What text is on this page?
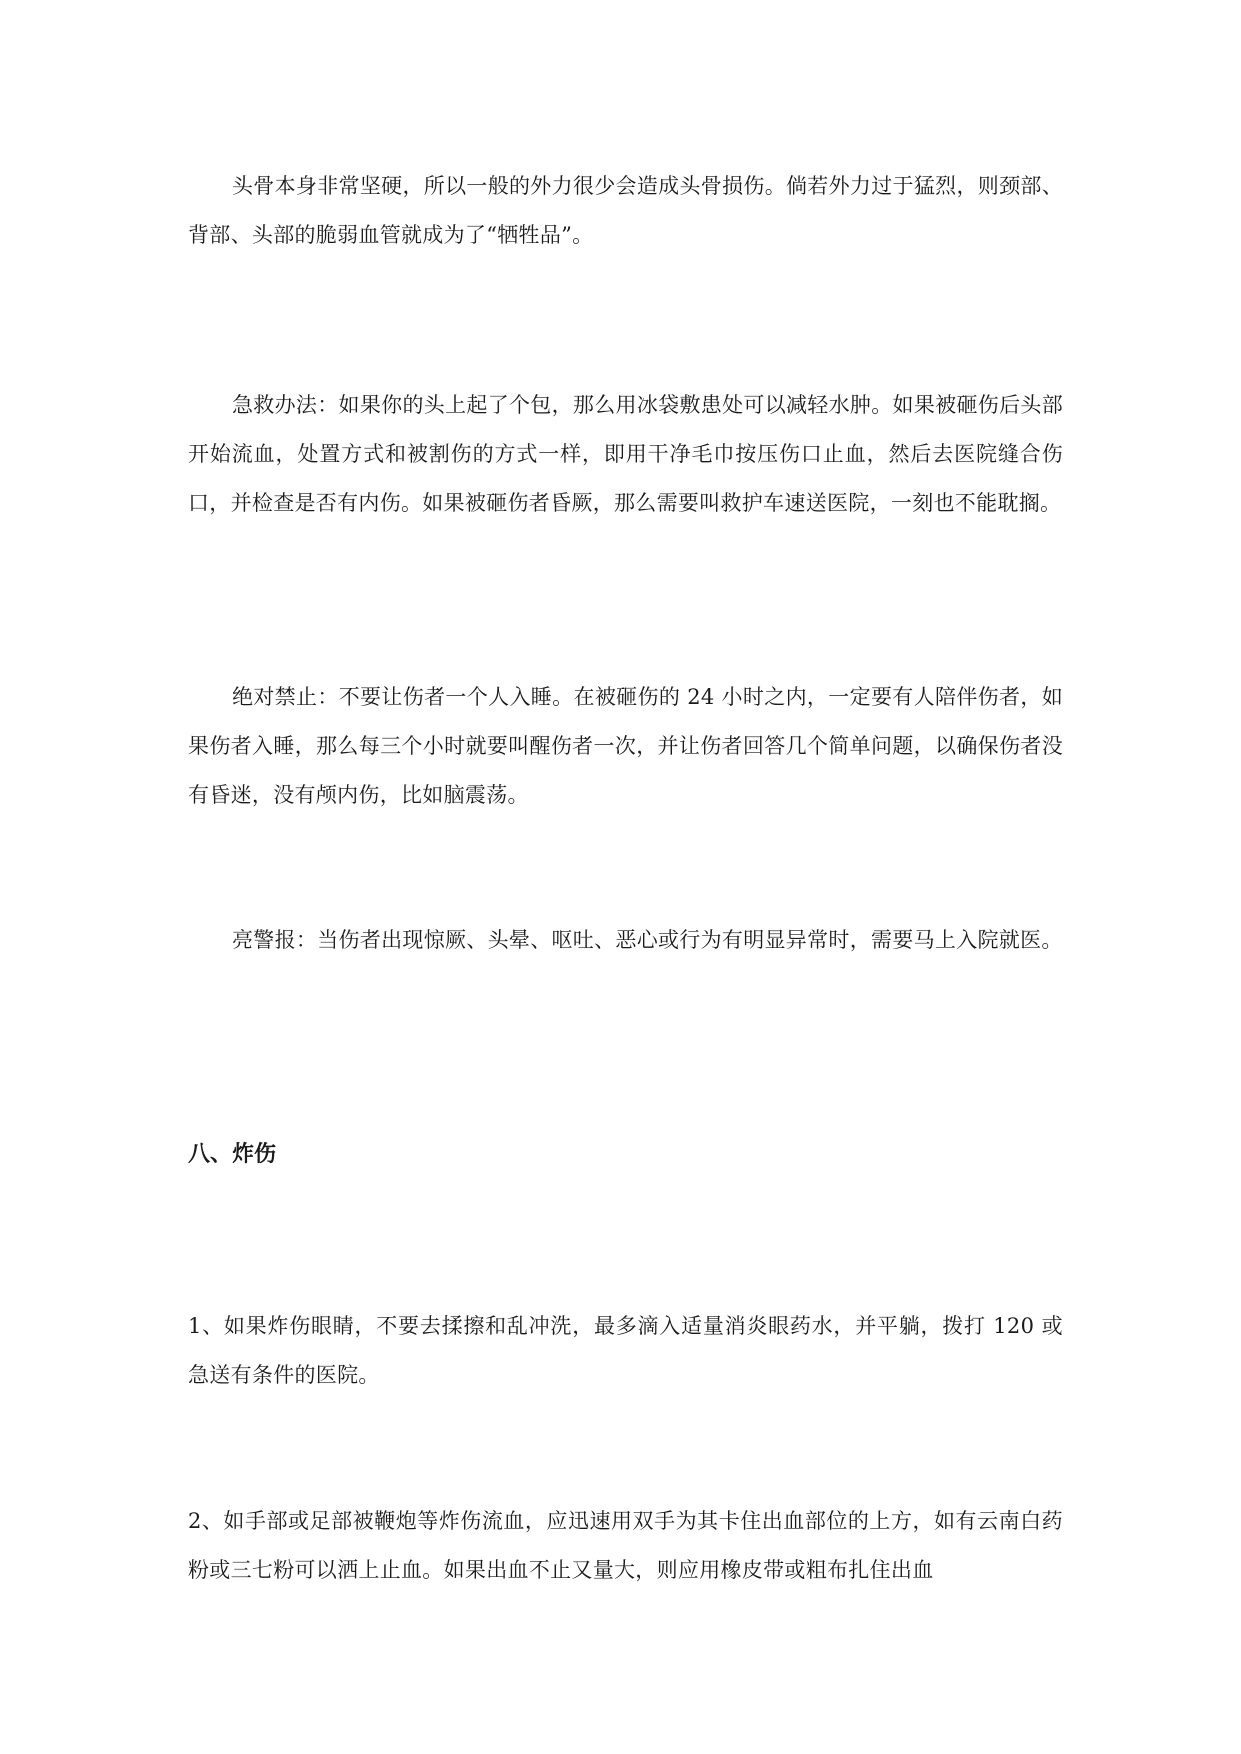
头骨本身非常坚硬，所以一般的外力很少会造成头骨损伤。倘若外力过于猛烈，则颈部、背部、头部的脆弱血管就成为了“牺牲品”。

急救办法：如果你的头上起了个包，那么用冰袋敷患处可以减轻水肿。如果被砸伤后头部开始流血，处置方式和被割伤的方式一样，即用干净毛巾按压伤口止血，然后去医院缝合伤口，并检查是否有内伤。如果被砸伤者昏厥，那么需要叫救护车速送医院，一刻也不能耽搁。

绝对禁止：不要让伤者一个人入睡。在被砸伤的 24 小时之内，一定要有人陪伴伤者，如果伤者入睡，那么每三个小时就要叫醒伤者一次，并让伤者回答几个简单问题，以确保伤者没有昏迷，没有颅内伤，比如脑震荡。

亮警报：当伤者出现惊厥、头晕、呕吐、恶心或行为有明显异常时，需要马上入院就医。

八、炸伤

1、如果炸伤眼睛，不要去揉擦和乱冲洗，最多滴入适量消炎眼药水，并平躺，拨打 120 或急送有条件的医院。

2、如手部或足部被鞭炮等炸伤流血，应迅速用双手为其卡住出血部位的上方，如有云南白药粉或三七粉可以洒上止血。如果出血不止又量大，则应用橡皮带或粗布扎住出血
